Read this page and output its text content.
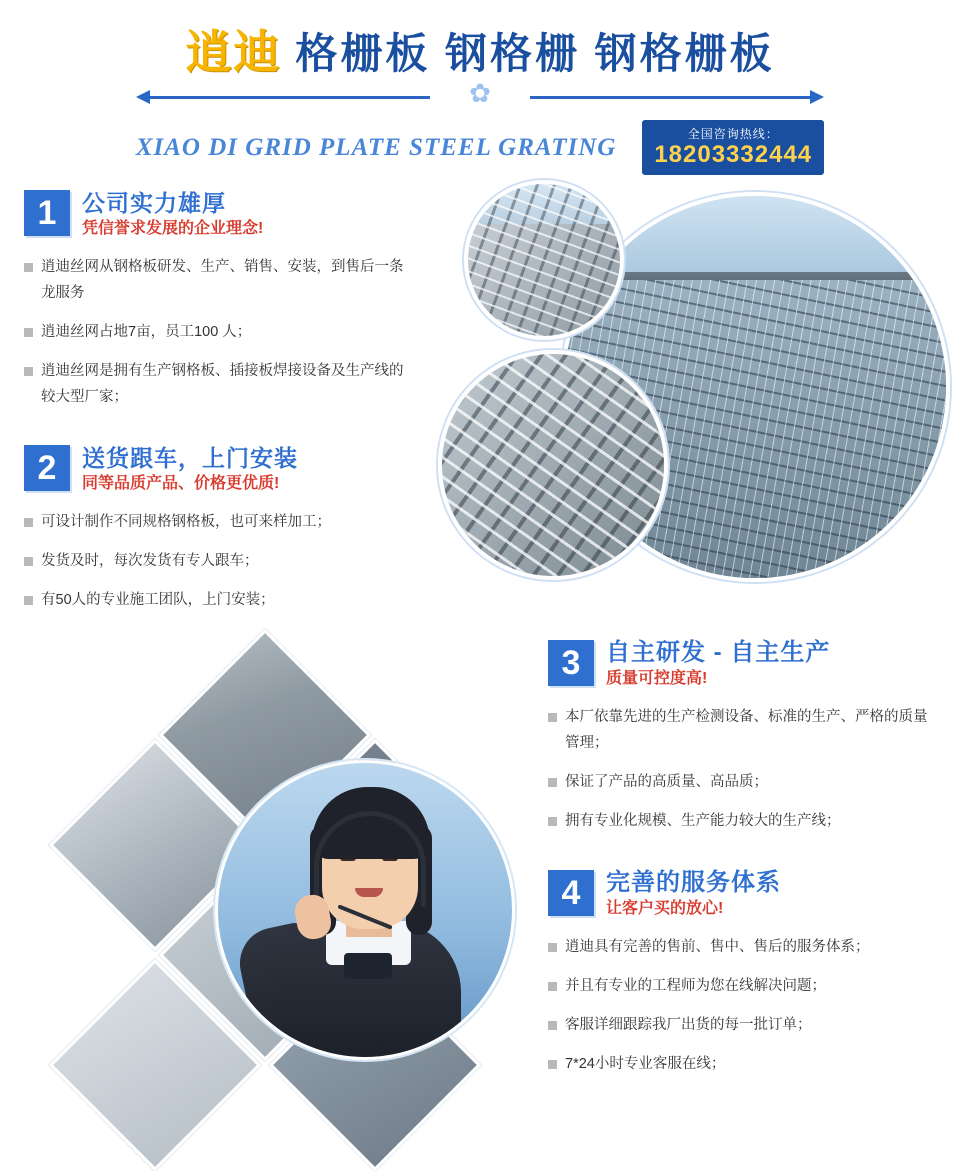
逍迪 格栅板 钢格栅 钢格栅板
✿
XIAO DI GRID PLATE STEEL GRATING	全国咨询热线：
18203332444
1	公司实力雄厚
凭信誉求发展的企业理念!
逍迪丝网从钢格板研发、生产、销售、安装，到售后一条龙服务
逍迪丝网占地7亩，员工100 人；
逍迪丝网是拥有生产钢格板、插接板焊接设备及生产线的较大型厂家；
2	送货跟车，上门安装
同等品质产品、价格更优质!
可设计制作不同规格钢格板，也可来样加工；
发货及时，每次发货有专人跟车；
有50人的专业施工团队，上门安装；
3	自主研发 - 自主生产
质量可控度高!
本厂依靠先进的生产检测设备、标准的生产、严格的质量管理；
保证了产品的高质量、高品质；
拥有专业化规模、生产能力较大的生产线；
4	完善的服务体系
让客户买的放心!
逍迪具有完善的售前、售中、售后的服务体系；
并且有专业的工程师为您在线解决问题；
客服详细跟踪我厂出货的每一批订单；
7*24小时专业客服在线；
